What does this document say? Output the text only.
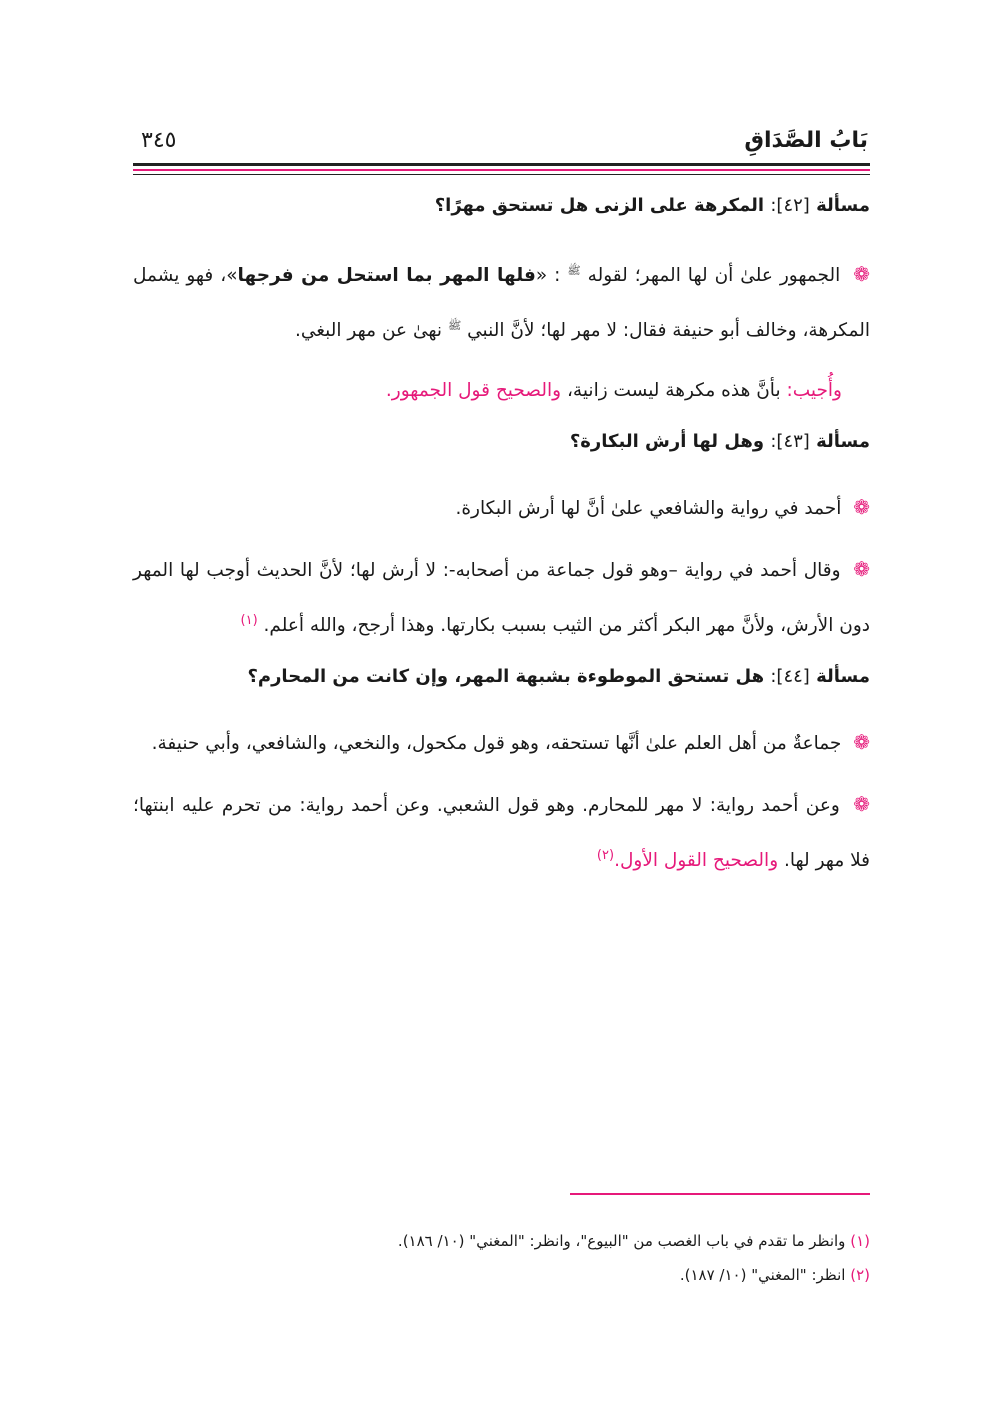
بَابُ الصَّدَاقِ
٣٤٥
مسألة [٤٢]: المكرهة على الزنى هل تستحق مهرًا؟

❁ الجمهور علىٰ أن لها المهر؛ لقوله $^ﷺ$ : «فلها المهر بما استحل من فرجها»، فهو يشمل المكرهة، وخالف أبو حنيفة فقال: لا مهر لها؛ لأنَّ النبي $^ﷺ$ نهىٰ عن مهر البغي.

وأُجيب: بأنَّ هذه مكرهة ليست زانية، والصحيح قول الجمهور.

مسألة [٤٣]: وهل لها أرش البكارة؟

❁ أحمد في رواية والشافعي علىٰ أنَّ لها أرش البكارة.

❁ وقال أحمد في رواية –وهو قول جماعة من أصحابه-: لا أرش لها؛ لأنَّ الحديث أوجب لها المهر دون الأرش، ولأنَّ مهر البكر أكثر من الثيب بسبب بكارتها. وهذا أرجح، والله أعلم. $^{(١)}$

مسألة [٤٤]: هل تستحق الموطوءة بشبهة المهر، وإن كانت من المحارم؟

❁ جماعةٌ من أهل العلم علىٰ أنَّها تستحقه، وهو قول مكحول، والنخعي، والشافعي، وأبي حنيفة.

❁ وعن أحمد رواية: لا مهر للمحارم. وهو قول الشعبي. وعن أحمد رواية: من تحرم عليه ابنتها؛ فلا مهر لها. والصحيح القول الأول.$^{(٢)}$

(١) وانظر ما تقدم في باب الغصب من "البيوع"، وانظر: "المغني" (١٠/ ١٨٦).
(٢) انظر: "المغني" (١٠/ ١٨٧).
